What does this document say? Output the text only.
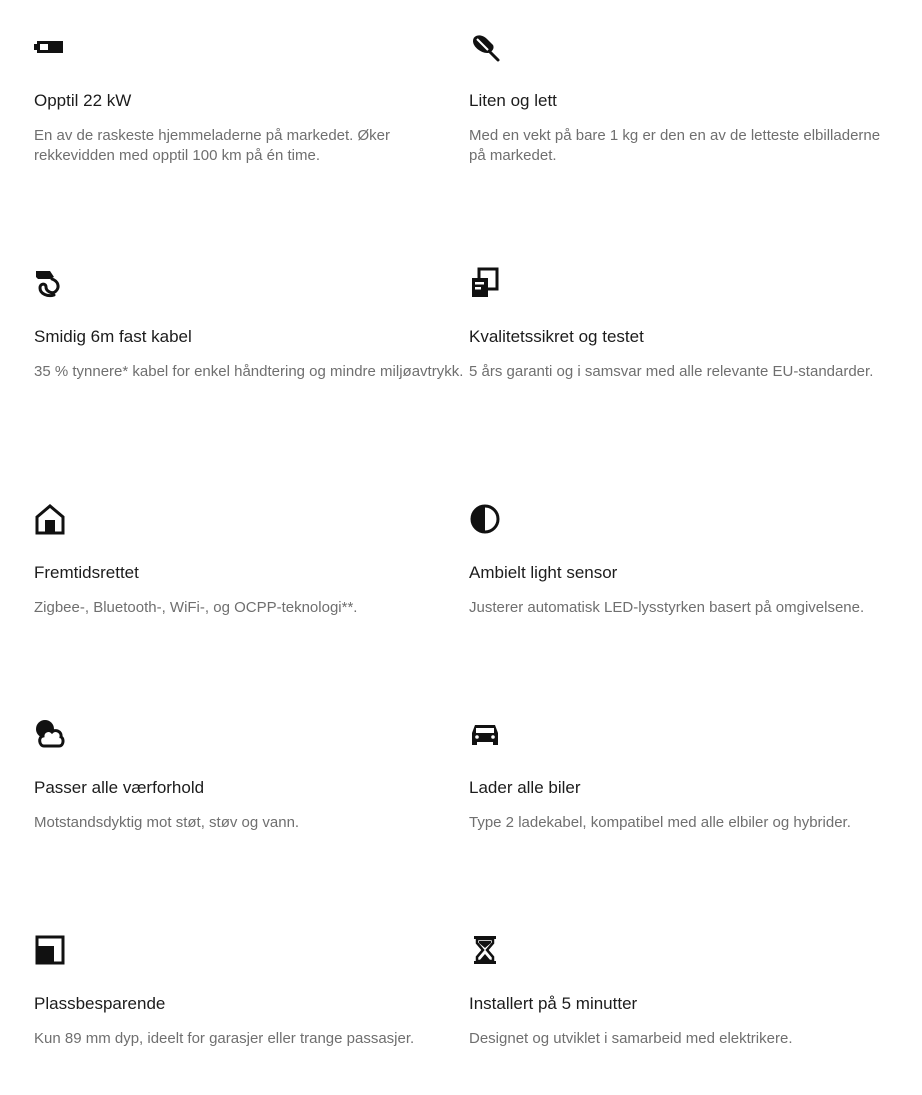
Opptil 22 kW
En av de raskeste hjemmeladerne på markedet. Øker rekkevidden med opptil 100 km på én time.
Liten og lett
Med en vekt på bare 1 kg er den en av de letteste elbilladerne på markedet.
Smidig 6m fast kabel
35 % tynnere* kabel for enkel håndtering og mindre miljøavtrykk.
Kvalitetssikret og testet
5 års garanti og i samsvar med alle relevante EU-standarder.
Fremtidsrettet
Zigbee-, Bluetooth-, WiFi-, og OCPP-teknologi**.
Ambielt light sensor
Justerer automatisk LED-lysstyrken basert på omgivelsene.
Passer alle værforhold
Motstandsdyktig mot støt, støv og vann.
Lader alle biler
Type 2 ladekabel, kompatibel med alle elbiler og hybrider.
Plassbesparende
Kun 89 mm dyp, ideelt for garasjer eller trange passasjer.
Installert på 5 minutter
Designet og utviklet i samarbeid med elektrikere.
